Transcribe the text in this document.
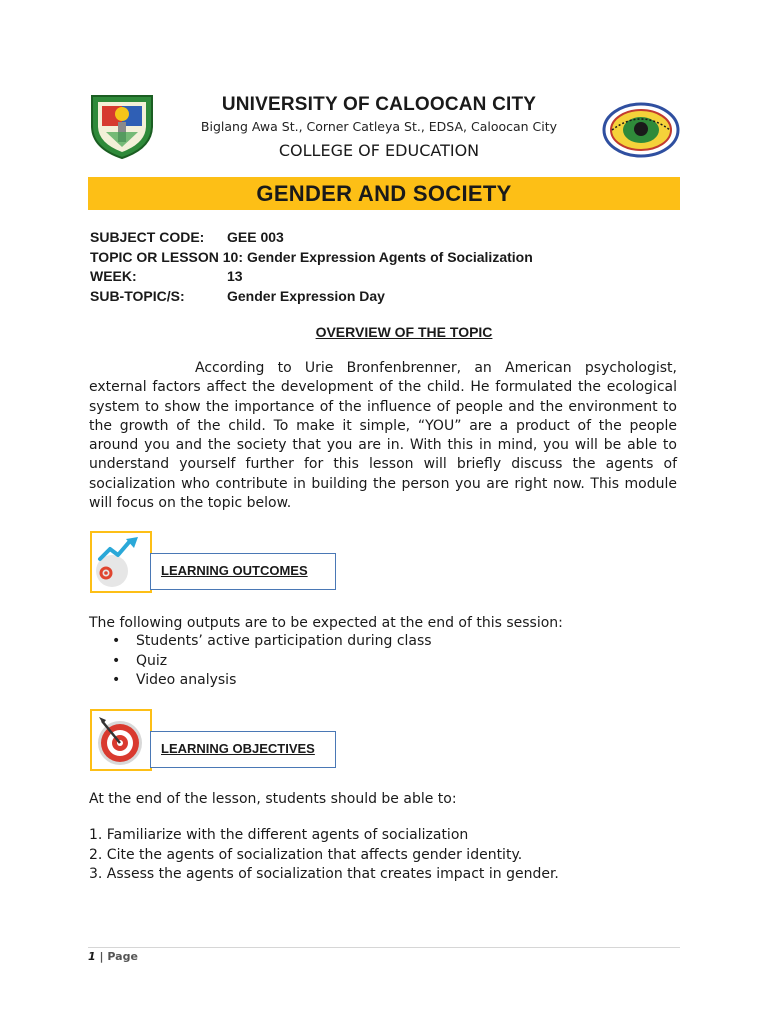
UNIVERSITY OF CALOOCAN CITY
Biglang Awa St., Corner Catleya St., EDSA, Caloocan City
COLLEGE OF EDUCATION
GENDER AND SOCIETY
SUBJECT CODE:	GEE 003
TOPIC OR LESSON 10: Gender Expression Agents of Socialization
WEEK:	13
SUB-TOPIC/S:	Gender Expression Day
OVERVIEW OF THE TOPIC

According to Urie Bronfenbrenner, an American psychologist, external factors affect the development of the child. He formulated the ecological system to show the importance of the influence of people and the environment to the growth of the child. To make it simple, “YOU” are a product of the people around you and the society that you are in. With this in mind, you will be able to understand yourself further for this lesson will briefly discuss the agents of socialization who contribute in building the person you are right now. This module will focus on the topic below.

LEARNING OUTCOMES
The following outputs are to be expected at the end of this session:
• Students’ active participation during class
• Quiz
• Video analysis
LEARNING OBJECTIVES
At the end of the lesson, students should be able to:
1. Familiarize with the different agents of socialization
2. Cite the agents of socialization that affects gender identity.
3. Assess the agents of socialization that creates impact in gender.
1 | Page
